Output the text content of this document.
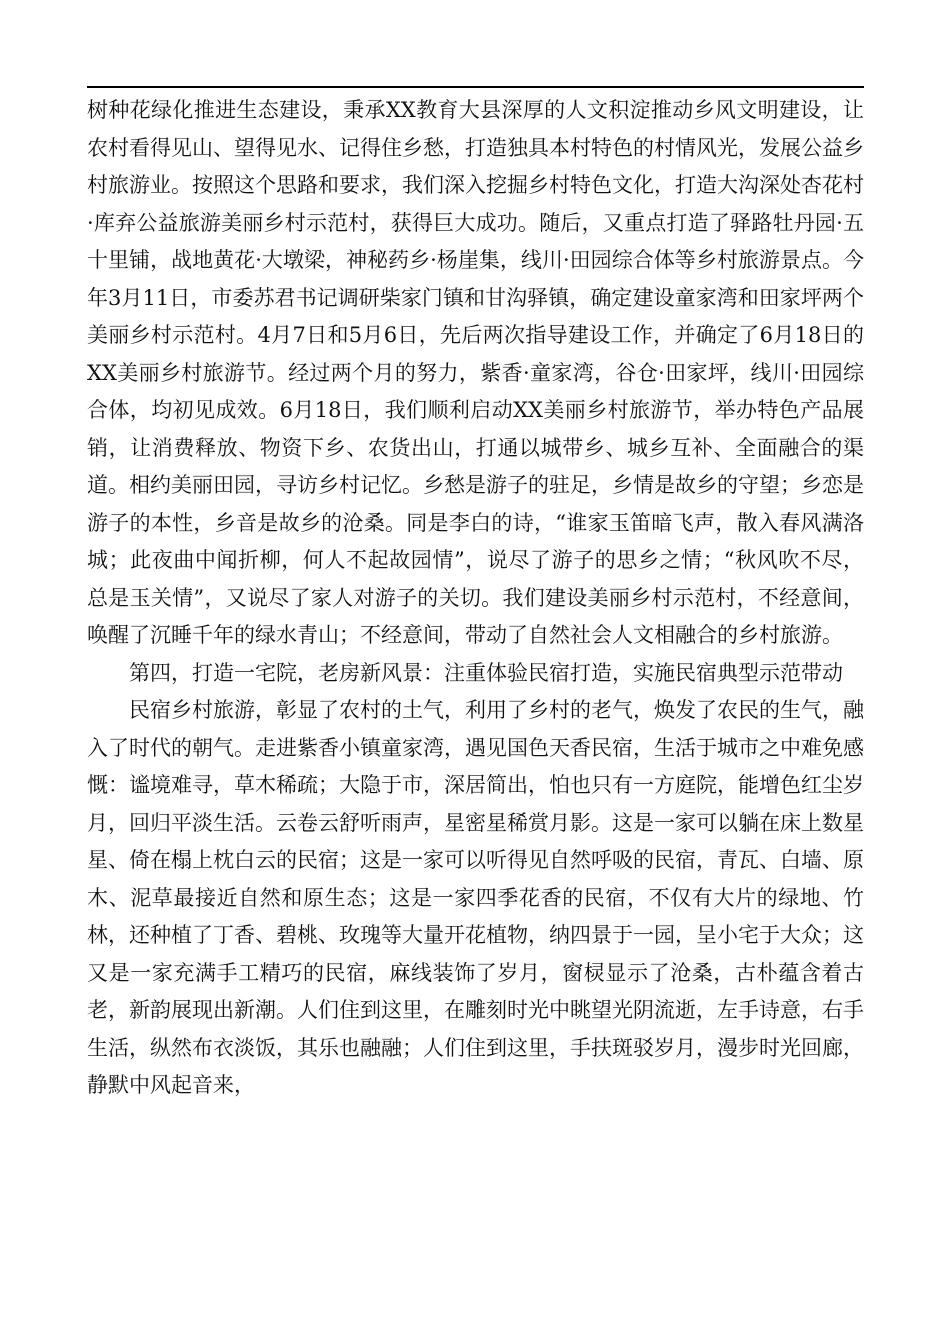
树种花绿化推进生态建设，秉承XX教育大县深厚的人文积淀推动乡风文明建设，让农村看得见山、望得见水、记得住乡愁，打造独具本村特色的村情风光，发展公益乡村旅游业。按照这个思路和要求，我们深入挖掘乡村特色文化，打造大沟深处杏花村·库弃公益旅游美丽乡村示范村，获得巨大成功。随后，又重点打造了驿路牡丹园·五十里铺，战地黄花·大墩梁，神秘药乡·杨崖集，线川·田园综合体等乡村旅游景点。今年3月11日，市委苏君书记调研柴家门镇和甘沟驿镇，确定建设童家湾和田家坪两个美丽乡村示范村。4月7日和5月6日，先后两次指导建设工作，并确定了6月18日的XX美丽乡村旅游节。经过两个月的努力，紫香·童家湾，谷仓·田家坪，线川·田园综合体，均初见成效。6月18日，我们顺利启动XX美丽乡村旅游节，举办特色产品展销，让消费释放、物资下乡、农货出山，打通以城带乡、城乡互补、全面融合的渠道。相约美丽田园，寻访乡村记忆。乡愁是游子的驻足，乡情是故乡的守望；乡恋是游子的本性，乡音是故乡的沧桑。同是李白的诗，“谁家玉笛暗飞声，散入春风满洛城；此夜曲中闻折柳，何人不起故园情”，说尽了游子的思乡之情；“秋风吹不尽，总是玉关情”，又说尽了家人对游子的关切。我们建设美丽乡村示范村，不经意间，唤醒了沉睡千年的绿水青山；不经意间，带动了自然社会人文相融合的乡村旅游。

第四，打造一宅院，老房新风景：注重体验民宿打造，实施民宿典型示范带动

民宿乡村旅游，彰显了农村的土气，利用了乡村的老气，焕发了农民的生气，融入了时代的朝气。走进紫香小镇童家湾，遇见国色天香民宿，生活于城市之中难免感慨：谧境难寻，草木稀疏；大隐于市，深居简出，怕也只有一方庭院，能增色红尘岁月，回归平淡生活。云卷云舒听雨声，星密星稀赏月影。这是一家可以躺在床上数星星、倚在榻上枕白云的民宿；这是一家可以听得见自然呼吸的民宿，青瓦、白墙、原木、泥草最接近自然和原生态；这是一家四季花香的民宿，不仅有大片的绿地、竹林，还种植了丁香、碧桃、玫瑰等大量开花植物，纳四景于一园，呈小宅于大众；这又是一家充满手工精巧的民宿，麻线装饰了岁月，窗棂显示了沧桑，古朴蕴含着古老，新韵展现出新潮。人们住到这里，在雕刻时光中眺望光阴流逝，左手诗意，右手生活，纵然布衣淡饭，其乐也融融；人们住到这里，手扶斑驳岁月，漫步时光回廊，静默中风起音来，
